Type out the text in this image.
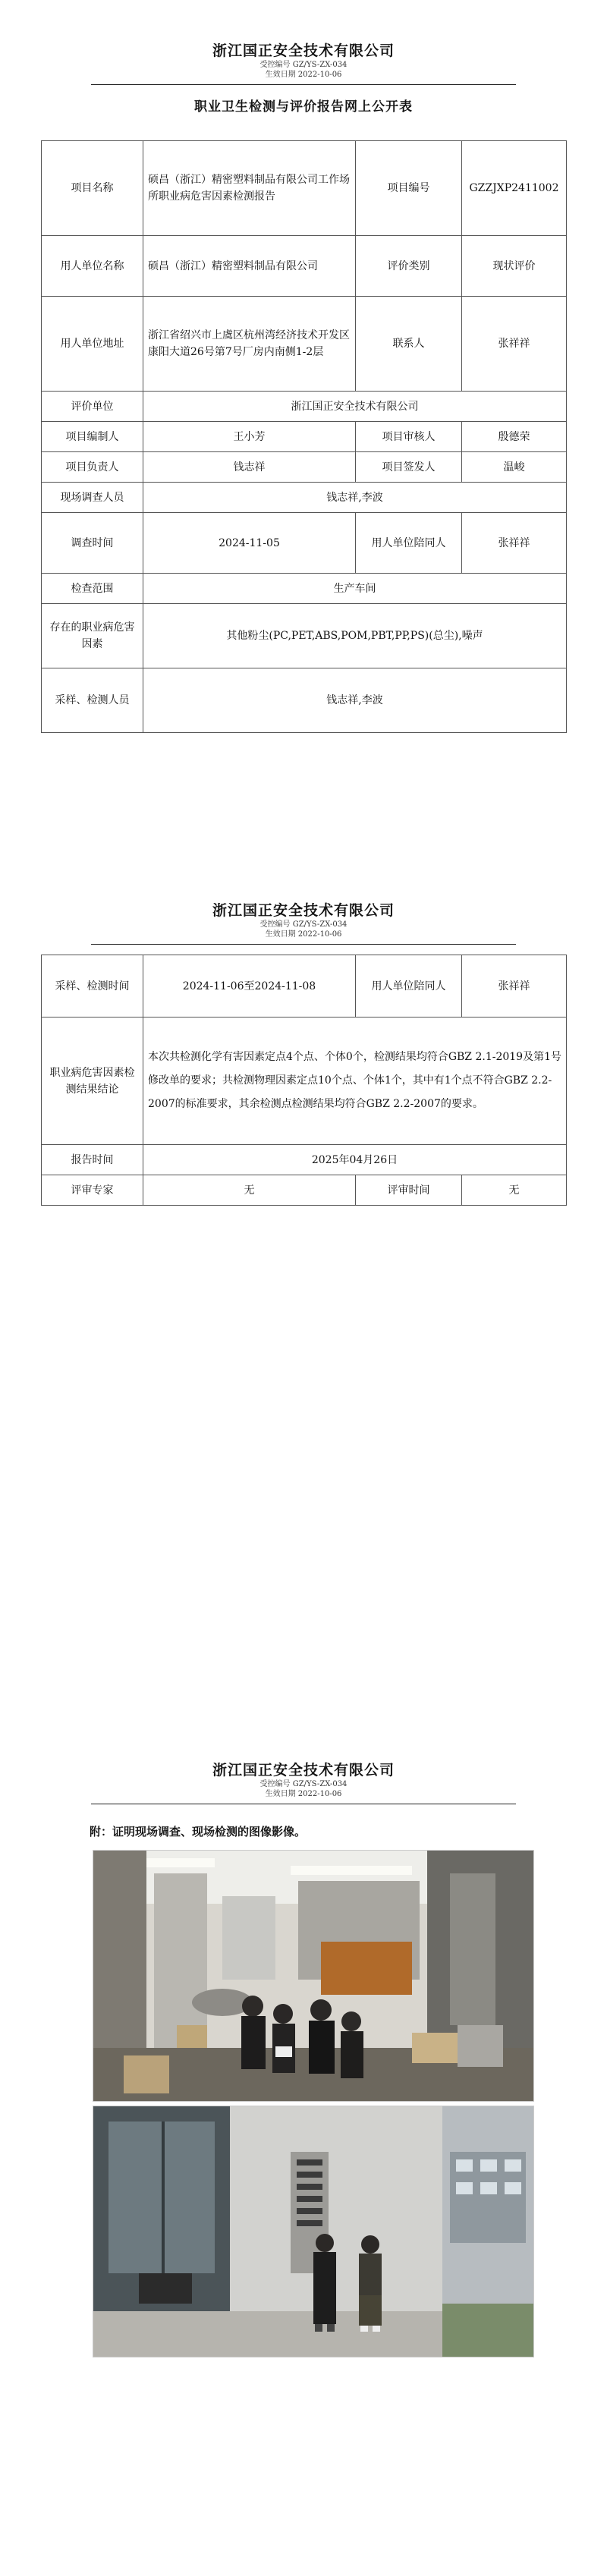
浙江国正安全技术有限公司
受控编号 GZ/YS-ZX-034
生效日期 2022-10-06
职业卫生检测与评价报告网上公开表
项目名称	硕昌（浙江）精密塑料制品有限公司工作场所职业病危害因素检测报告	项目编号	GZZJXP2411002
用人单位名称	硕昌（浙江）精密塑料制品有限公司	评价类别	现状评价
用人单位地址	浙江省绍兴市上虞区杭州湾经济技术开发区康阳大道26号第7号厂房内南侧1-2层	联系人	张祥祥
评价单位	浙江国正安全技术有限公司		
项目编制人	王小芳	项目审核人	殷德荣
项目负责人	钱志祥	项目签发人	温峻
现场调查人员	钱志祥,李波		
调查时间	2024-11-05	用人单位陪同人	张祥祥
检查范围	生产车间		
存在的职业病危害因素	其他粉尘(PC,PET,ABS,POM,PBT,PP,PS)(总尘),噪声		
采样、检测人员	钱志祥,李波		
浙江国正安全技术有限公司
受控编号 GZ/YS-ZX-034
生效日期 2022-10-06
采样、检测时间	2024-11-06至2024-11-08	用人单位陪同人	张祥祥
职业病危害因素检测结果结论	本次共检测化学有害因素定点4个点、个体0个，检测结果均符合GBZ 2.1-2019及第1号修改单的要求；共检测物理因素定点10个点、个体1个，其中有1个点不符合GBZ 2.2-2007的标准要求，其余检测点检测结果均符合GBZ 2.2-2007的要求。		
报告时间	2025年04月26日		
评审专家	无	评审时间	无
浙江国正安全技术有限公司
受控编号 GZ/YS-ZX-034
生效日期 2022-10-06
附：证明现场调查、现场检测的图像影像。
